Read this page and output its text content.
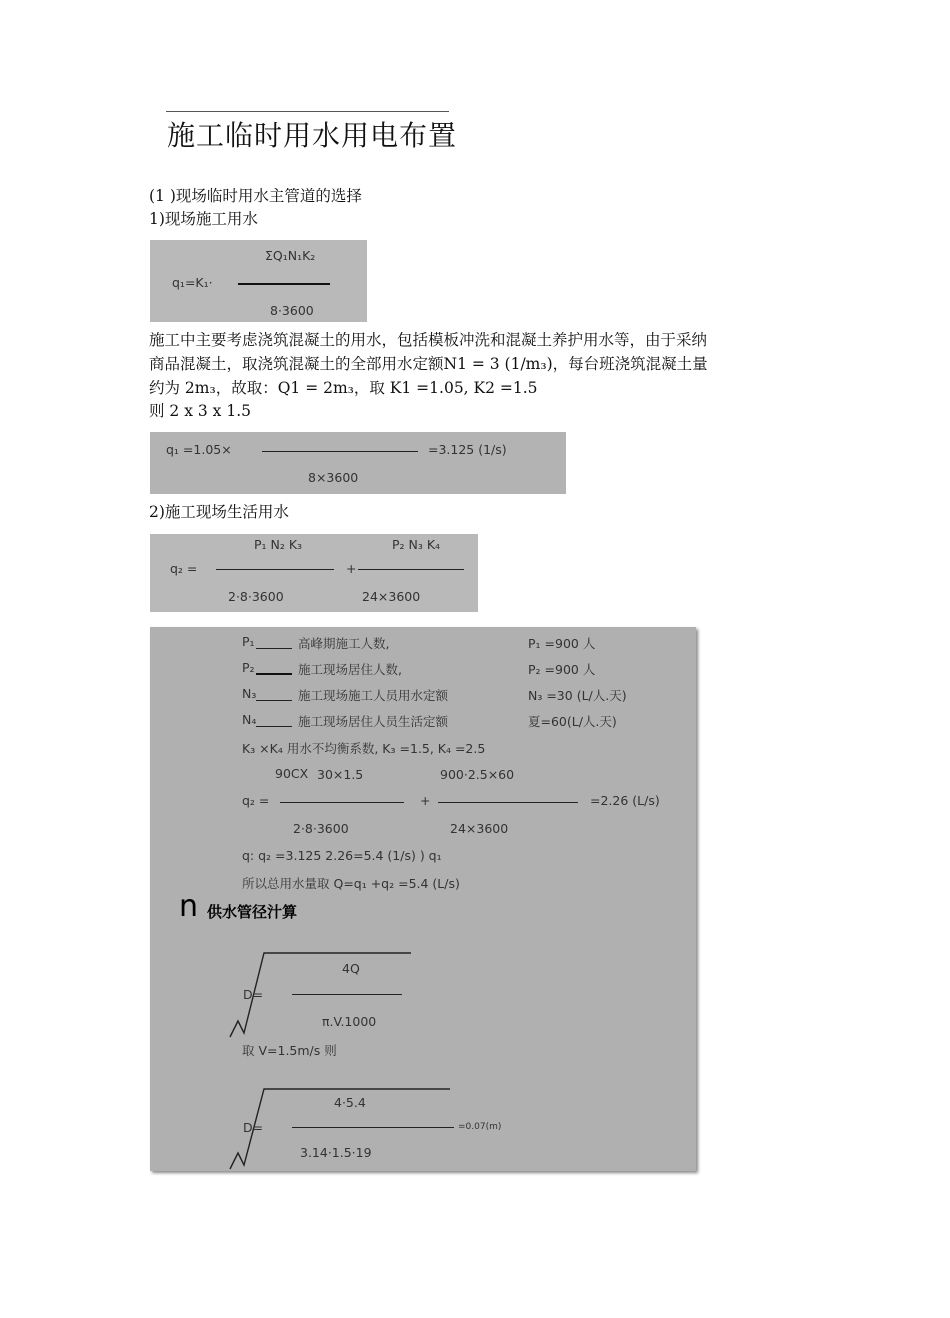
施工临时用水用电布置
(1 )现场临时用水主管道的选择
1)现场施工用水
ΣQ₁N₁K₂
q₁=K₁·
8·3600
施工中主要考虑浇筑混凝土的用水，包括模板冲洗和混凝土养护用水等，由于采纳
商品混凝土，取浇筑混凝土的全部用水定额N1 = 3 (1/m₃)，每台班浇筑混凝土量
约为 2m₃，故取：Q1 = 2m₃，取 K1 =1.05, K2 =1.5
则 2 x 3 x 1.5
q₁ =1.05×	=3.125 (1/s)
8×3600
2)施工现场生活用水
P₁ N₂ K₃	P₂ N₃ K₄
q₂ =	+
2·8·3600	24×3600
P₁	高峰期施工人数,	P₁ =900 人
P₂	施工现场居住人数,	P₂ =900 人
N₃	施工现场施工人员用水定额	N₃ =30 (L/人.天)
N₄	施工现场居住人员生活定额	夏=60(L/人.天)
K₃ ×K₄ 用水不均衡系数, K₃ =1.5, K₄ =2.5
90CX 30×1.5	900·2.5×60
q₂ =	+	=2.26 (L/s)
2·8·3600	24×3600
q: q₂ =3.125 2.26=5.4 (1/s) ) q₁
所以总用水量取 Q=q₁ +q₂ =5.4 (L/s)
n 供水管径汁算
4Q
D=
π.V.1000
取 V=1.5m/s 则
4·5.4
D=	=0.07(m)
3.14·1.5·19
